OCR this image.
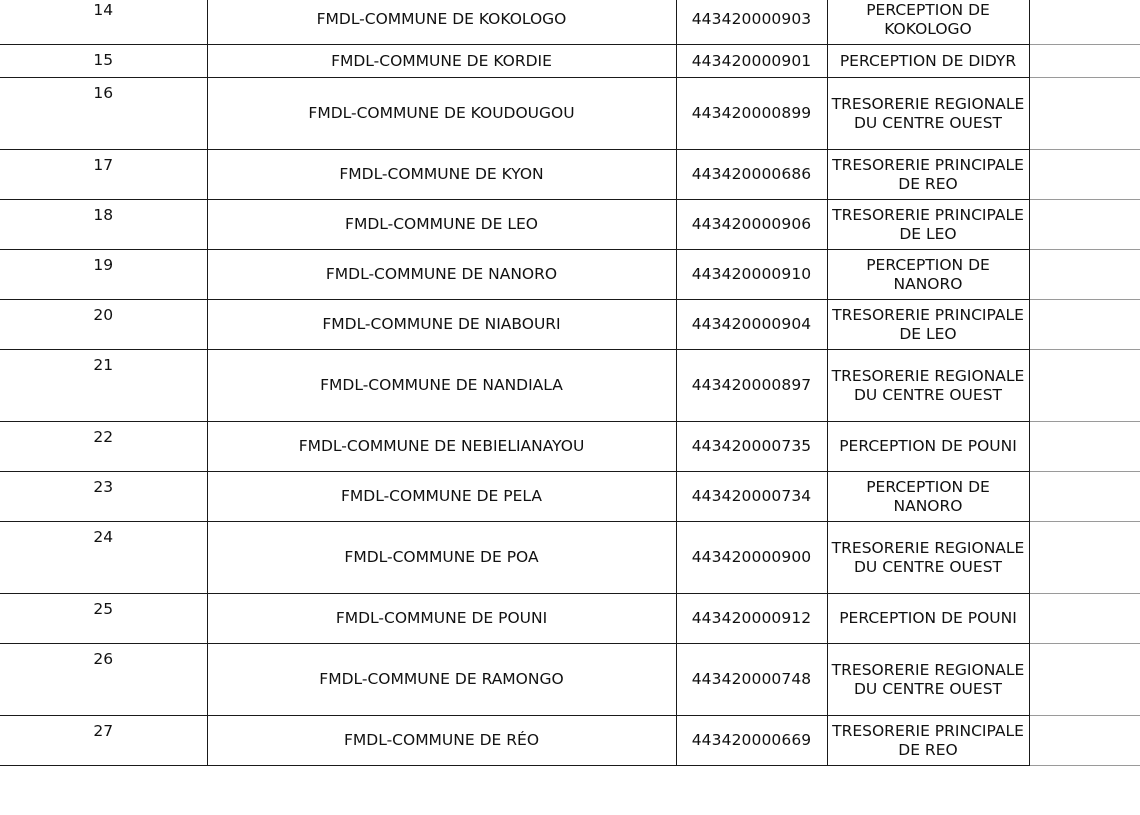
14	FMDL-COMMUNE DE KOKOLOGO	443420000903	PERCEPTION DE KOKOLOGO	

15	FMDL-COMMUNE DE KORDIE	443420000901	PERCEPTION DE DIDYR	

16	FMDL-COMMUNE DE KOUDOUGOU	443420000899	TRESORERIE REGIONALE DU CENTRE OUEST	

17	FMDL-COMMUNE DE KYON	443420000686	TRESORERIE PRINCIPALE DE REO	

18	FMDL-COMMUNE DE LEO	443420000906	TRESORERIE PRINCIPALE DE LEO	

19	FMDL-COMMUNE DE NANORO	443420000910	PERCEPTION DE NANORO	

20	FMDL-COMMUNE DE NIABOURI	443420000904	TRESORERIE PRINCIPALE DE LEO	

21	FMDL-COMMUNE DE NANDIALA	443420000897	TRESORERIE REGIONALE DU CENTRE OUEST	

22	FMDL-COMMUNE DE NEBIELIANAYOU	443420000735	PERCEPTION DE POUNI	

23	FMDL-COMMUNE DE PELA	443420000734	PERCEPTION DE NANORO	

24	FMDL-COMMUNE DE POA	443420000900	TRESORERIE REGIONALE DU CENTRE OUEST	

25	FMDL-COMMUNE DE POUNI	443420000912	PERCEPTION DE POUNI	

26	FMDL-COMMUNE DE RAMONGO	443420000748	TRESORERIE REGIONALE DU CENTRE OUEST	

27	FMDL-COMMUNE DE RÉO	443420000669	TRESORERIE PRINCIPALE DE REO	
